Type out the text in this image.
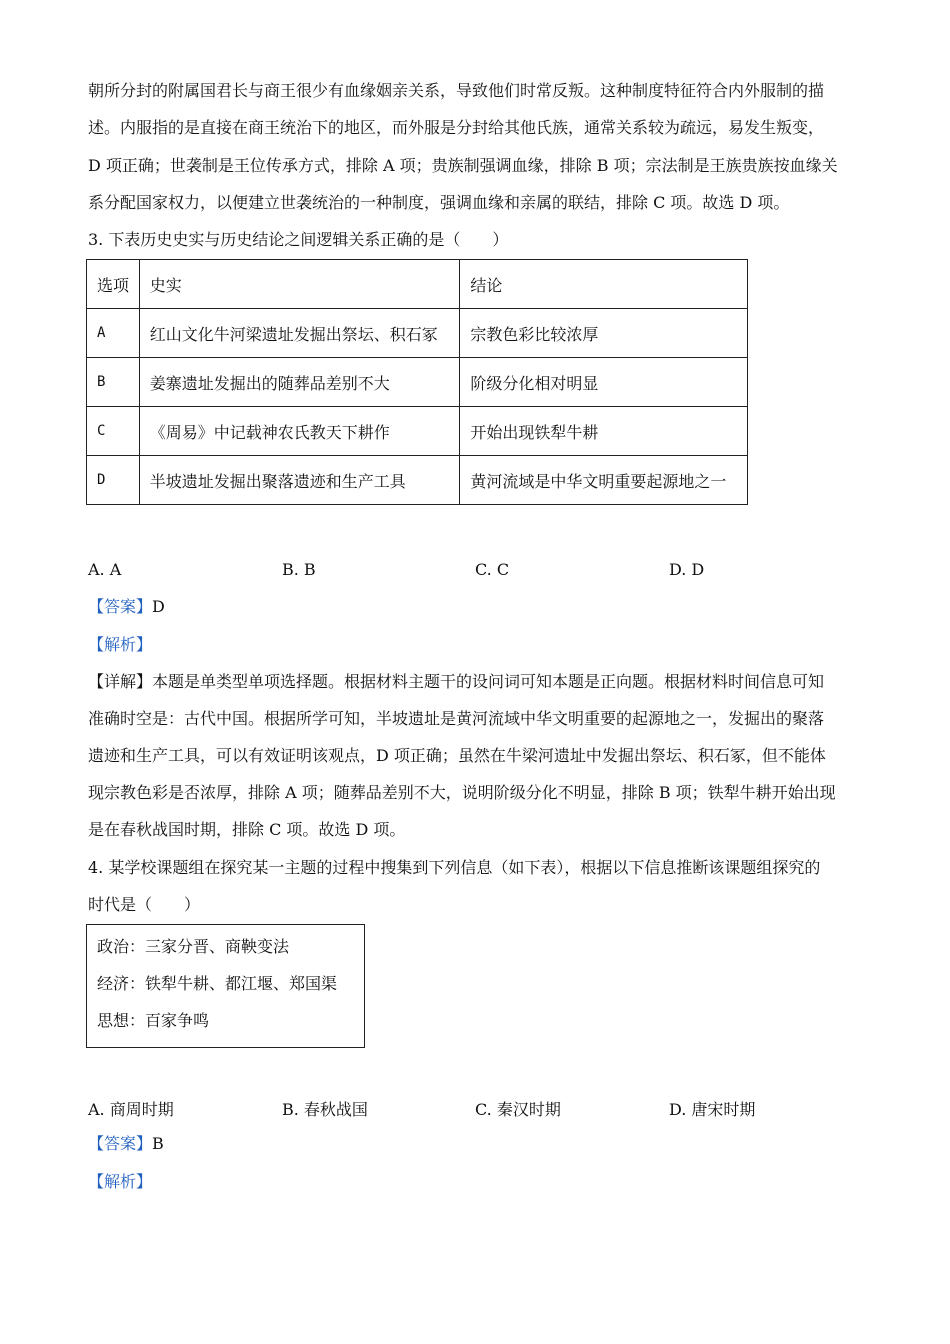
朝所分封的附属国君长与商王很少有血缘姻亲关系，导致他们时常反叛。这种制度特征符合内外服制的描
述。内服指的是直接在商王统治下的地区，而外服是分封给其他氏族，通常关系较为疏远，易发生叛变，
D 项正确；世袭制是王位传承方式，排除 A 项；贵族制强调血缘，排除 B 项；宗法制是王族贵族按血缘关
系分配国家权力，以便建立世袭统治的一种制度，强调血缘和亲属的联结，排除 C 项。故选 D 项。
3. 下表历史史实与历史结论之间逻辑关系正确的是（　　）
选项	史实	结论
A	红山文化牛河梁遗址发掘出祭坛、积石冢	宗教色彩比较浓厚
B	姜寨遗址发掘出的随葬品差别不大	阶级分化相对明显
C	《周易》中记载神农氏教天下耕作	开始出现铁犁牛耕
D	半坡遗址发掘出聚落遗迹和生产工具	黄河流域是中华文明重要起源地之一
A. A	B. B	C. C	D. D
【答案】D
【解析】
【详解】本题是单类型单项选择题。根据材料主题干的设问词可知本题是正向题。根据材料时间信息可知
准确时空是：古代中国。根据所学可知，半坡遗址是黄河流域中华文明重要的起源地之一，发掘出的聚落
遗迹和生产工具，可以有效证明该观点，D 项正确；虽然在牛梁河遗址中发掘出祭坛、积石冢，但不能体
现宗教色彩是否浓厚，排除 A 项；随葬品差别不大，说明阶级分化不明显，排除 B 项；铁犁牛耕开始出现
是在春秋战国时期，排除 C 项。故选 D 项。
4. 某学校课题组在探究某一主题的过程中搜集到下列信息（如下表），根据以下信息推断该课题组探究的
时代是（　　）
政治：三家分晋、商鞅变法
经济：铁犁牛耕、都江堰、郑国渠
思想：百家争鸣
A. 商周时期	B. 春秋战国	C. 秦汉时期	D. 唐宋时期
【答案】B
【解析】
